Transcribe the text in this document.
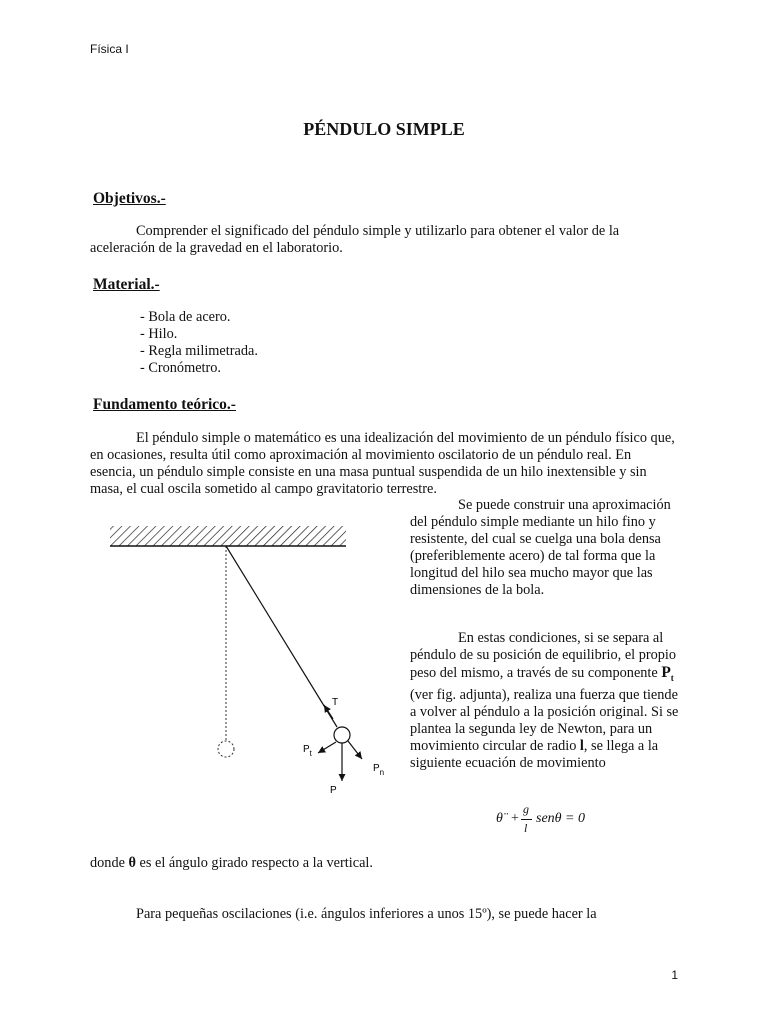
Física I
PÉNDULO SIMPLE
Objetivos.-
Comprender el significado del péndulo simple y utilizarlo para obtener el valor de la aceleración de la gravedad en el laboratorio.
Material.-
- Bola de acero.
- Hilo.
- Regla milimetrada.
- Cronómetro.
Fundamento teórico.-
El péndulo simple o matemático es una idealización del movimiento de un péndulo físico que, en ocasiones, resulta útil como aproximación al movimiento oscilatorio de un péndulo real. En esencia, un péndulo simple consiste en una masa puntual suspendida de un hilo inextensible y sin masa, el cual oscila sometido al campo gravitatorio terrestre.
Se puede construir una aproximación del péndulo simple mediante un hilo fino y resistente, del cual se cuelga una bola densa (preferiblemente acero) de tal forma que la longitud del hilo sea mucho mayor que las dimensiones de la bola.
En estas condiciones, si se separa al péndulo de su posición de equilibrio, el propio peso del mismo, a través de su componente $P_t$ (ver fig. adjunta), realiza una fuerza que tiende a volver al péndulo a la posición original. Si se plantea la segunda ley de Newton, para un movimiento circular de radio l, se llega a la siguiente ecuación de movimiento
θ̈ +
g
l
senθ = 0
donde θ es el ángulo girado respecto a la vertical.
Para pequeñas oscilaciones (i.e. ángulos inferiores a unos 15º), se puede hacer la
T
$P_t$
$P_n$
P
1
